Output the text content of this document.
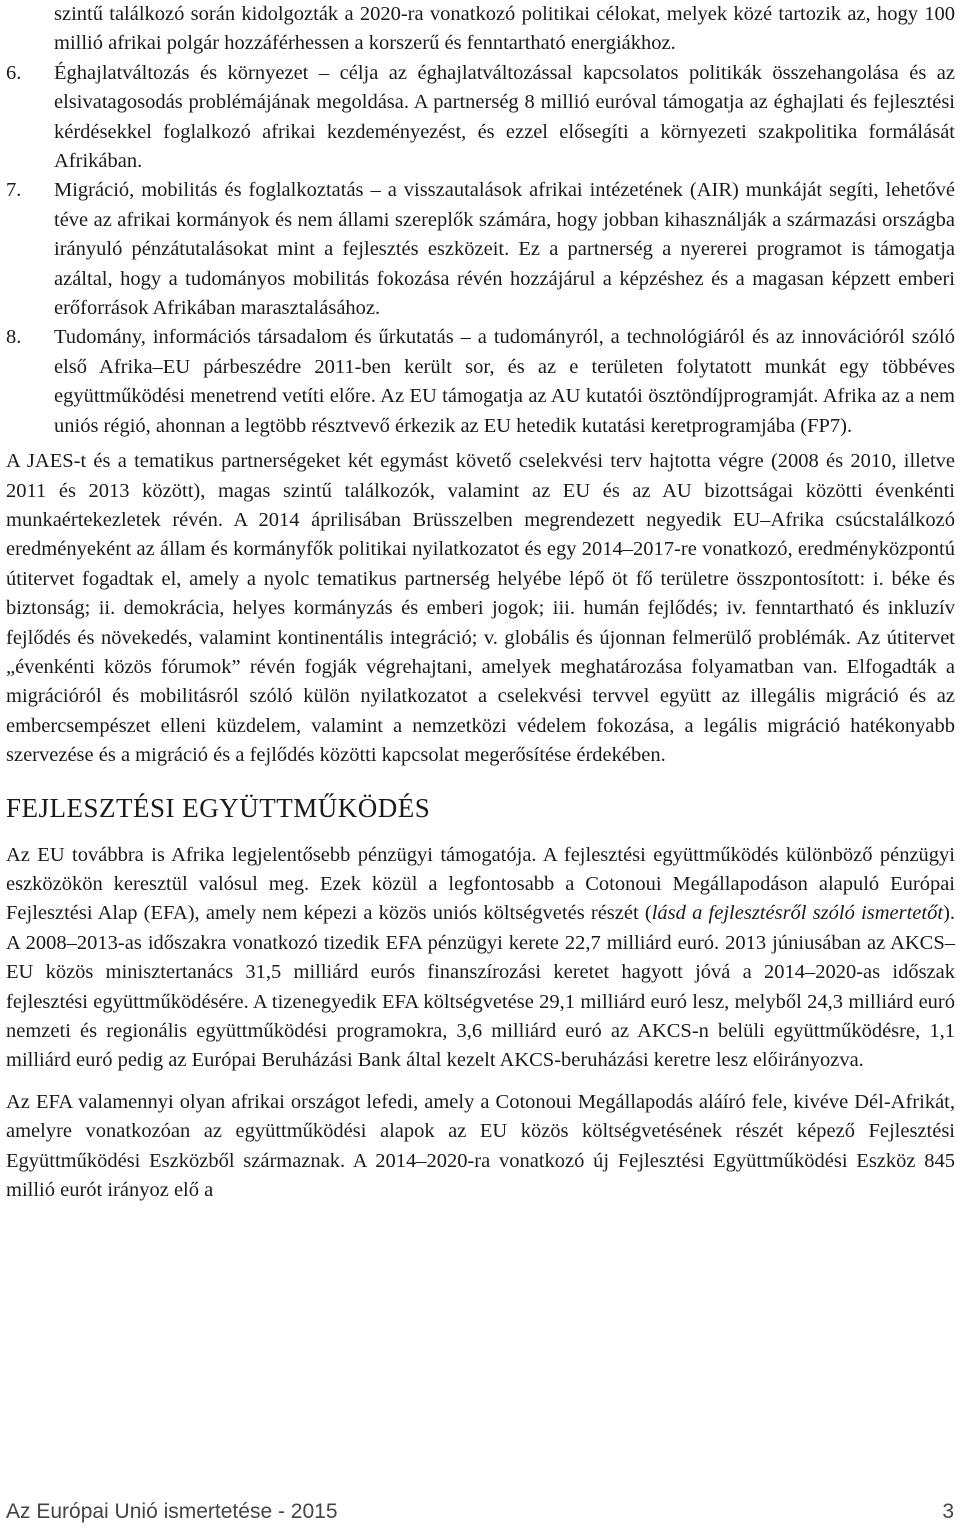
szintű találkozó során kidolgozták a 2020-ra vonatkozó politikai célokat, melyek közé tartozik az, hogy 100 millió afrikai polgár hozzáférhessen a korszerű és fenntartható energiákhoz.
6.	Éghajlatváltozás és környezet – célja az éghajlatváltozással kapcsolatos politikák összehangolása és az elsivatagosodás problémájának megoldása. A partnerség 8 millió euróval támogatja az éghajlati és fejlesztési kérdésekkel foglalkozó afrikai kezdeményezést, és ezzel elősegíti a környezeti szakpolitika formálását Afrikában.
7.	Migráció, mobilitás és foglalkoztatás – a visszautalások afrikai intézetének (AIR) munkáját segíti, lehetővé téve az afrikai kormányok és nem állami szereplők számára, hogy jobban kihasználják a származási országba irányuló pénzátutalásokat mint a fejlesztés eszközeit. Ez a partnerség a nyererei programot is támogatja azáltal, hogy a tudományos mobilitás fokozása révén hozzájárul a képzéshez és a magasan képzett emberi erőforrások Afrikában marasztalásához.
8.	Tudomány, információs társadalom és űrkutatás – a tudományról, a technológiáról és az innovációról szóló első Afrika–EU párbeszédre 2011-ben került sor, és az e területen folytatott munkát egy többéves együttműködési menetrend vetíti előre. Az EU támogatja az AU kutatói ösztöndíjprogramját. Afrika az a nem uniós régió, ahonnan a legtöbb résztvevő érkezik az EU hetedik kutatási keretprogramjába (FP7).

A JAES-t és a tematikus partnerségeket két egymást követő cselekvési terv hajtotta végre (2008 és 2010, illetve 2011 és 2013 között), magas szintű találkozók, valamint az EU és az AU bizottságai közötti évenkénti munkaértekezletek révén. A 2014 áprilisában Brüsszelben megrendezett negyedik EU–Afrika csúcstalálkozó eredményeként az állam és kormányfők politikai nyilatkozatot és egy 2014–2017-re vonatkozó, eredményközpontú útitervet fogadtak el, amely a nyolc tematikus partnerség helyébe lépő öt fő területre összpontosított: i. béke és biztonság; ii. demokrácia, helyes kormányzás és emberi jogok; iii. humán fejlődés; iv. fenntartható és inkluzív fejlődés és növekedés, valamint kontinentális integráció; v. globális és újonnan felmerülő problémák. Az útitervet „évenkénti közös fórumok” révén fogják végrehajtani, amelyek meghatározása folyamatban van. Elfogadták a migrációról és mobilitásról szóló külön nyilatkozatot a cselekvési tervvel együtt az illegális migráció és az embercsempészet elleni küzdelem, valamint a nemzetközi védelem fokozása, a legális migráció hatékonyabb szervezése és a migráció és a fejlődés közötti kapcsolat megerősítése érdekében.

FEJLESZTÉSI EGYÜTTMŰKÖDÉS

Az EU továbbra is Afrika legjelentősebb pénzügyi támogatója. A fejlesztési együttműködés különböző pénzügyi eszközökön keresztül valósul meg. Ezek közül a legfontosabb a Cotonoui Megállapodáson alapuló Európai Fejlesztési Alap (EFA), amely nem képezi a közös uniós költségvetés részét (lásd a fejlesztésről szóló ismertetőt). A 2008–2013-as időszakra vonatkozó tizedik EFA pénzügyi kerete 22,7 milliárd euró. 2013 júniusában az AKCS–EU közös minisztertanács 31,5 milliárd eurós finanszírozási keretet hagyott jóvá a 2014–2020-as időszak fejlesztési együttműködésére. A tizenegyedik EFA költségvetése 29,1 milliárd euró lesz, melyből 24,3 milliárd euró nemzeti és regionális együttműködési programokra, 3,6 milliárd euró az AKCS-n belüli együttműködésre, 1,1 milliárd euró pedig az Európai Beruházási Bank által kezelt AKCS-beruházási keretre lesz előirányozva.

Az EFA valamennyi olyan afrikai országot lefedi, amely a Cotonoui Megállapodás aláíró fele, kivéve Dél-Afrikát, amelyre vonatkozóan az együttműködési alapok az EU közös költségvetésének részét képező Fejlesztési Együttműködési Eszközből származnak. A 2014–2020-ra vonatkozó új Fejlesztési Együttműködési Eszköz 845 millió eurót irányoz elő a

Az Európai Unió ismertetése - 2015	3
